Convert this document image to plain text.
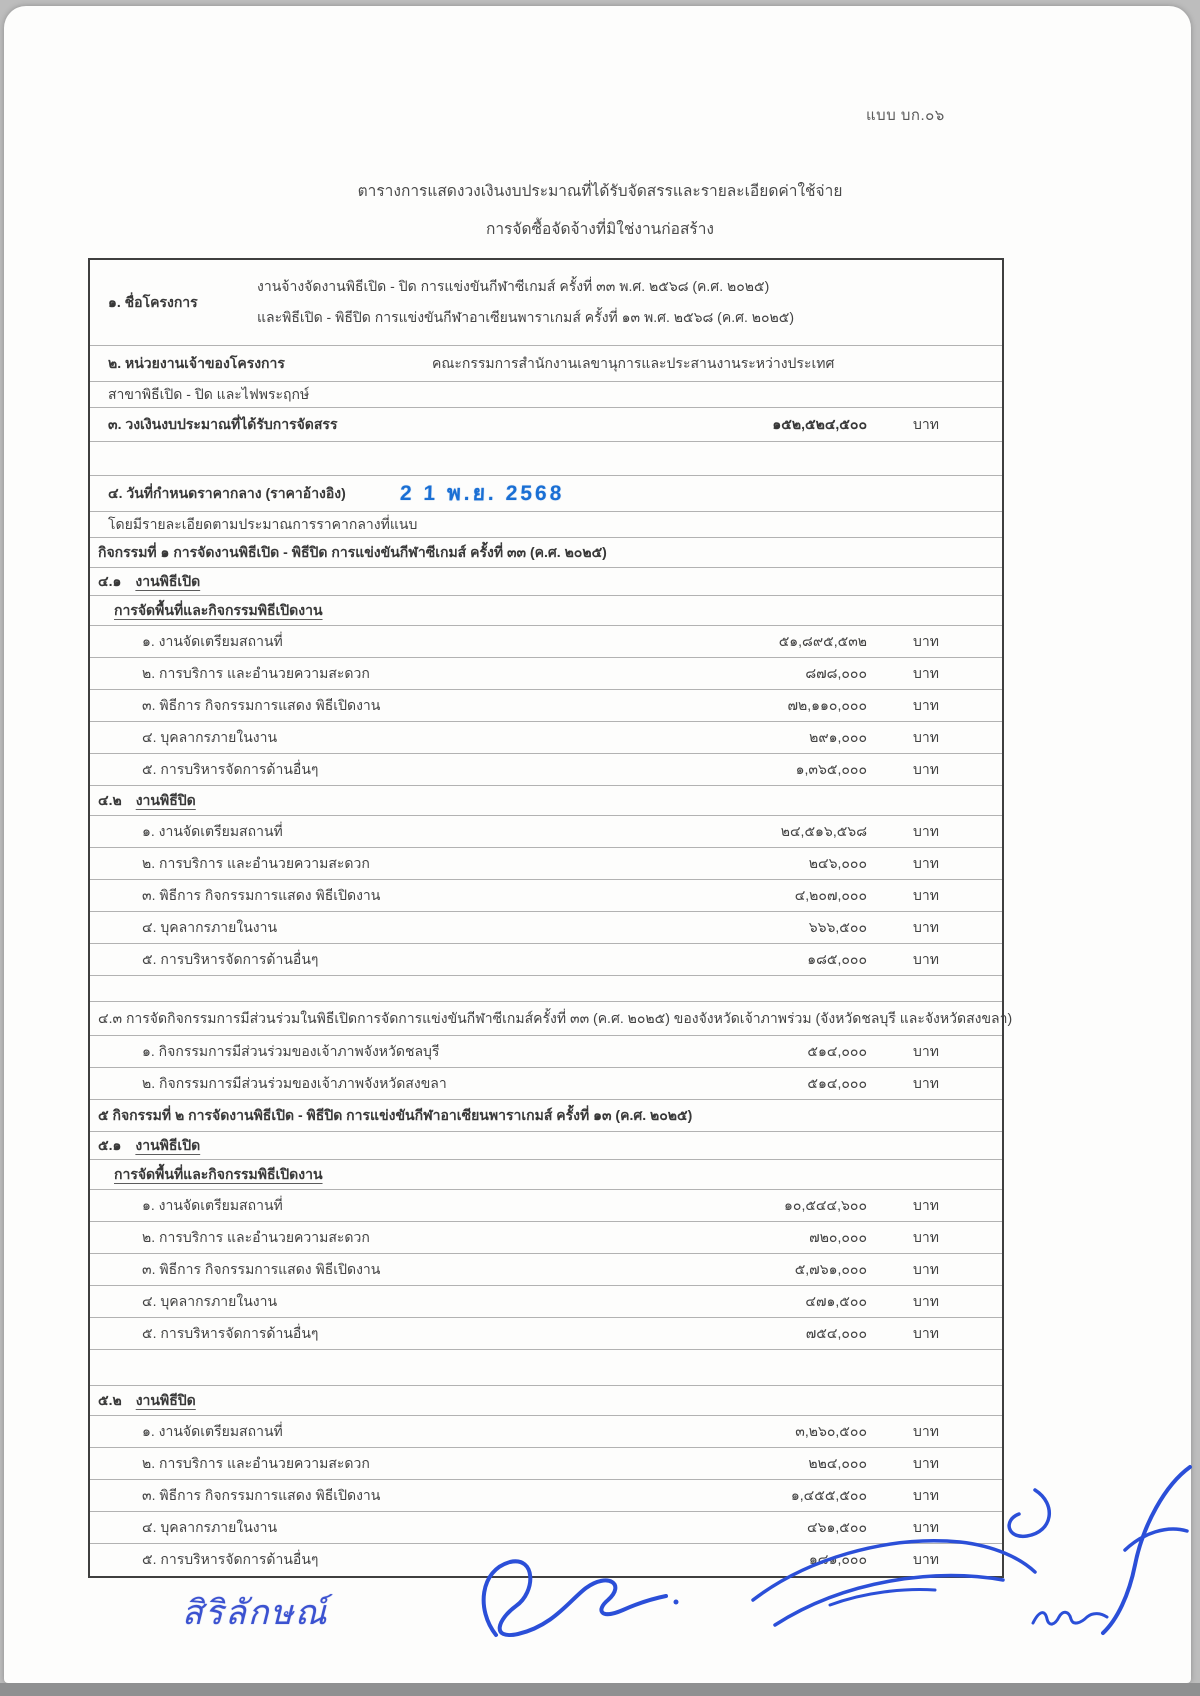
แบบ บก.๐๖
ตารางการแสดงวงเงินงบประมาณที่ได้รับจัดสรรและรายละเอียดค่าใช้จ่าย
การจัดซื้อจัดจ้างที่มิใช่งานก่อสร้าง
๑. ชื่อโครงการ
งานจ้างจัดงานพิธีเปิด - ปิด การแข่งขันกีฬาซีเกมส์ ครั้งที่ ๓๓ พ.ศ. ๒๕๖๘ (ค.ศ. ๒๐๒๕)
และพิธีเปิด - พิธีปิด การแข่งขันกีฬาอาเซียนพาราเกมส์ ครั้งที่ ๑๓ พ.ศ. ๒๕๖๘ (ค.ศ. ๒๐๒๕)
๒. หน่วยงานเจ้าของโครงการ	คณะกรรมการสำนักงานเลขานุการและประสานงานระหว่างประเทศ
สาขาพิธีเปิด - ปิด และไฟพระฤกษ์
๓. วงเงินงบประมาณที่ได้รับการจัดสรร	๑๕๒,๕๒๔,๕๐๐	บาท
๔. วันที่กำหนดราคากลาง (ราคาอ้างอิง)	2 1 พ.ย. 2568
โดยมีรายละเอียดตามประมาณการราคากลางที่แนบ
กิจกรรมที่ ๑ การจัดงานพิธีเปิด - พิธีปิด การแข่งขันกีฬาซีเกมส์ ครั้งที่ ๓๓ (ค.ศ. ๒๐๒๕)
๔.๑ งานพิธีเปิด
การจัดพื้นที่และกิจกรรมพิธีเปิดงาน
๑. งานจัดเตรียมสถานที่	๕๑,๘๙๕,๕๓๒	บาท
๒. การบริการ และอำนวยความสะดวก	๘๗๘,๐๐๐	บาท
๓. พิธีการ กิจกรรมการแสดง พิธีเปิดงาน	๗๒,๑๑๐,๐๐๐	บาท
๔. บุคลากรภายในงาน	๒๙๑,๐๐๐	บาท
๕. การบริหารจัดการด้านอื่นๆ	๑,๓๖๕,๐๐๐	บาท
๔.๒ งานพิธีปิด
๑. งานจัดเตรียมสถานที่	๒๔,๕๑๖,๕๖๘	บาท
๒. การบริการ และอำนวยความสะดวก	๒๔๖,๐๐๐	บาท
๓. พิธีการ กิจกรรมการแสดง พิธีเปิดงาน	๔,๒๐๗,๐๐๐	บาท
๔. บุคลากรภายในงาน	๖๖๖,๕๐๐	บาท
๕. การบริหารจัดการด้านอื่นๆ	๑๘๕,๐๐๐	บาท
๔.๓ การจัดกิจกรรมการมีส่วนร่วมในพิธีเปิดการจัดการแข่งขันกีฬาซีเกมส์ครั้งที่ ๓๓ (ค.ศ. ๒๐๒๕) ของจังหวัดเจ้าภาพร่วม (จังหวัดชลบุรี และจังหวัดสงขลา)
๑. กิจกรรมการมีส่วนร่วมของเจ้าภาพจังหวัดชลบุรี	๕๑๔,๐๐๐	บาท
๒. กิจกรรมการมีส่วนร่วมของเจ้าภาพจังหวัดสงขลา	๕๑๔,๐๐๐	บาท
๕ กิจกรรมที่ ๒ การจัดงานพิธีเปิด - พิธีปิด การแข่งขันกีฬาอาเซียนพาราเกมส์ ครั้งที่ ๑๓ (ค.ศ. ๒๐๒๕)
๕.๑ งานพิธีเปิด
การจัดพื้นที่และกิจกรรมพิธีเปิดงาน
๑. งานจัดเตรียมสถานที่	๑๐,๕๔๔,๖๐๐	บาท
๒. การบริการ และอำนวยความสะดวก	๗๒๐,๐๐๐	บาท
๓. พิธีการ กิจกรรมการแสดง พิธีเปิดงาน	๕,๗๖๑,๐๐๐	บาท
๔. บุคลากรภายในงาน	๔๗๑,๕๐๐	บาท
๕. การบริหารจัดการด้านอื่นๆ	๗๕๔,๐๐๐	บาท
๕.๒ งานพิธีปิด
๑. งานจัดเตรียมสถานที่	๓,๒๖๐,๕๐๐	บาท
๒. การบริการ และอำนวยความสะดวก	๒๒๔,๐๐๐	บาท
๓. พิธีการ กิจกรรมการแสดง พิธีเปิดงาน	๑,๔๕๕,๕๐๐	บาท
๔. บุคลากรภายในงาน	๔๖๑,๕๐๐	บาท
๕. การบริหารจัดการด้านอื่นๆ	๑๘๑,๐๐๐	บาท
สิริลักษณ์
